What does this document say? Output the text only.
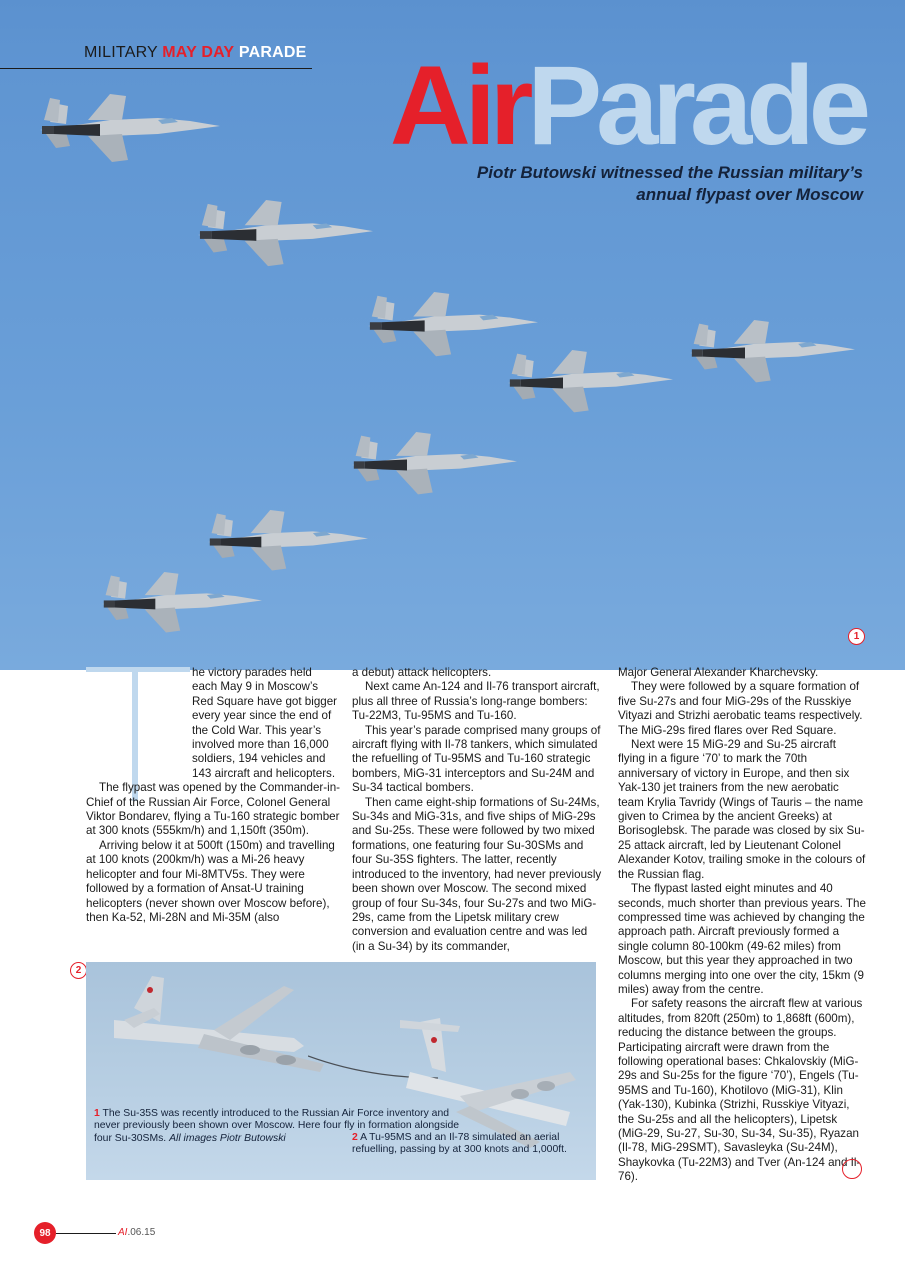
MILITARY MAY DAY PARADE AirParade
Piotr Butowski witnessed the Russian military’s annual flypast over Moscow
1

he victory parades held each May 9 in Moscow’s Red Square have got bigger every year since the end of the Cold War. This year’s involved more than 16,000 soldiers, 194 vehicles and 143 aircraft and helicopters.

The flypast was opened by the Commander-in-Chief of the Russian Air Force, Colonel General Viktor Bondarev, flying a Tu-160 strategic bomber at 300 knots (555km/h) and 1,150ft (350m).

Arriving below it at 500ft (150m) and travelling at 100 knots (200km/h) was a Mi-26 heavy helicopter and four Mi-8MTV5s. They were followed by a formation of Ansat-U training helicopters (never shown over Moscow before), then Ka-52, Mi-28N and Mi-35M (also

a debut) attack helicopters.

Next came An-124 and Il-76 transport aircraft, plus all three of Russia’s long-range bombers: Tu-22M3, Tu-95MS and Tu-160.

This year’s parade comprised many groups of aircraft flying with Il-78 tankers, which simulated the refuelling of Tu-95MS and Tu-160 strategic bombers, MiG-31 interceptors and Su-24M and Su-34 tactical bombers.

Then came eight-ship formations of Su-24Ms, Su-34s and MiG-31s, and five ships of MiG-29s and Su-25s. These were followed by two mixed formations, one featuring four Su-30SMs and four Su-35S fighters. The latter, recently introduced to the inventory, had never previously been shown over Moscow. The second mixed group of four Su-34s, four Su-27s and two MiG-29s, came from the Lipetsk military crew conversion and evaluation centre and was led (in a Su-34) by its commander,

Major General Alexander Kharchevsky.

They were followed by a square formation of five Su-27s and four MiG-29s of the Russkiye Vityazi and Strizhi aerobatic teams respectively. The MiG-29s fired flares over Red Square.

Next were 15 MiG-29 and Su-25 aircraft flying in a figure ‘70’ to mark the 70th anniversary of victory in Europe, and then six Yak-130 jet trainers from the new aerobatic team Krylia Tavridy (Wings of Tauris – the name given to Crimea by the ancient Greeks) at Borisoglebsk. The parade was closed by six Su-25 attack aircraft, led by Lieutenant Colonel Alexander Kotov, trailing smoke in the colours of the Russian flag.

The flypast lasted eight minutes and 40 seconds, much shorter than previous years. The compressed time was achieved by changing the approach path. Aircraft previously formed a single column 80-100km (49-62 miles) from Moscow, but this year they approached in two columns merging into one over the city, 15km (9 miles) away from the centre.

For safety reasons the aircraft flew at various altitudes, from 820ft (250m) to 1,868ft (600m), reducing the distance between the groups. Participating aircraft were drawn from the following operational bases: Chkalovskiy (MiG-29s and Su-25s for the figure ‘70’), Engels (Tu-95MS and Tu-160), Khotilovo (MiG-31), Klin (Yak-130), Kubinka (Strizhi, Russkiye Vityazi, the Su-25s and all the helicopters), Lipetsk (MiG-29, Su-27, Su-30, Su-34, Su-35), Ryazan (Il-78, MiG-29SMT), Savasleyka (Su-24M), Shaykovka (Tu-22M3) and Tver (An-124 and Il-76).

2
1 The Su-35S was recently introduced to the Russian Air Force inventory and never previously been shown over Moscow. Here four fly in formation alongside four Su-30SMs. All images Piotr Butowski	2 A Tu-95MS and an Il-78 simulated an aerial refuelling, passing by at 300 knots and 1,000ft.
98	AI.06.15
